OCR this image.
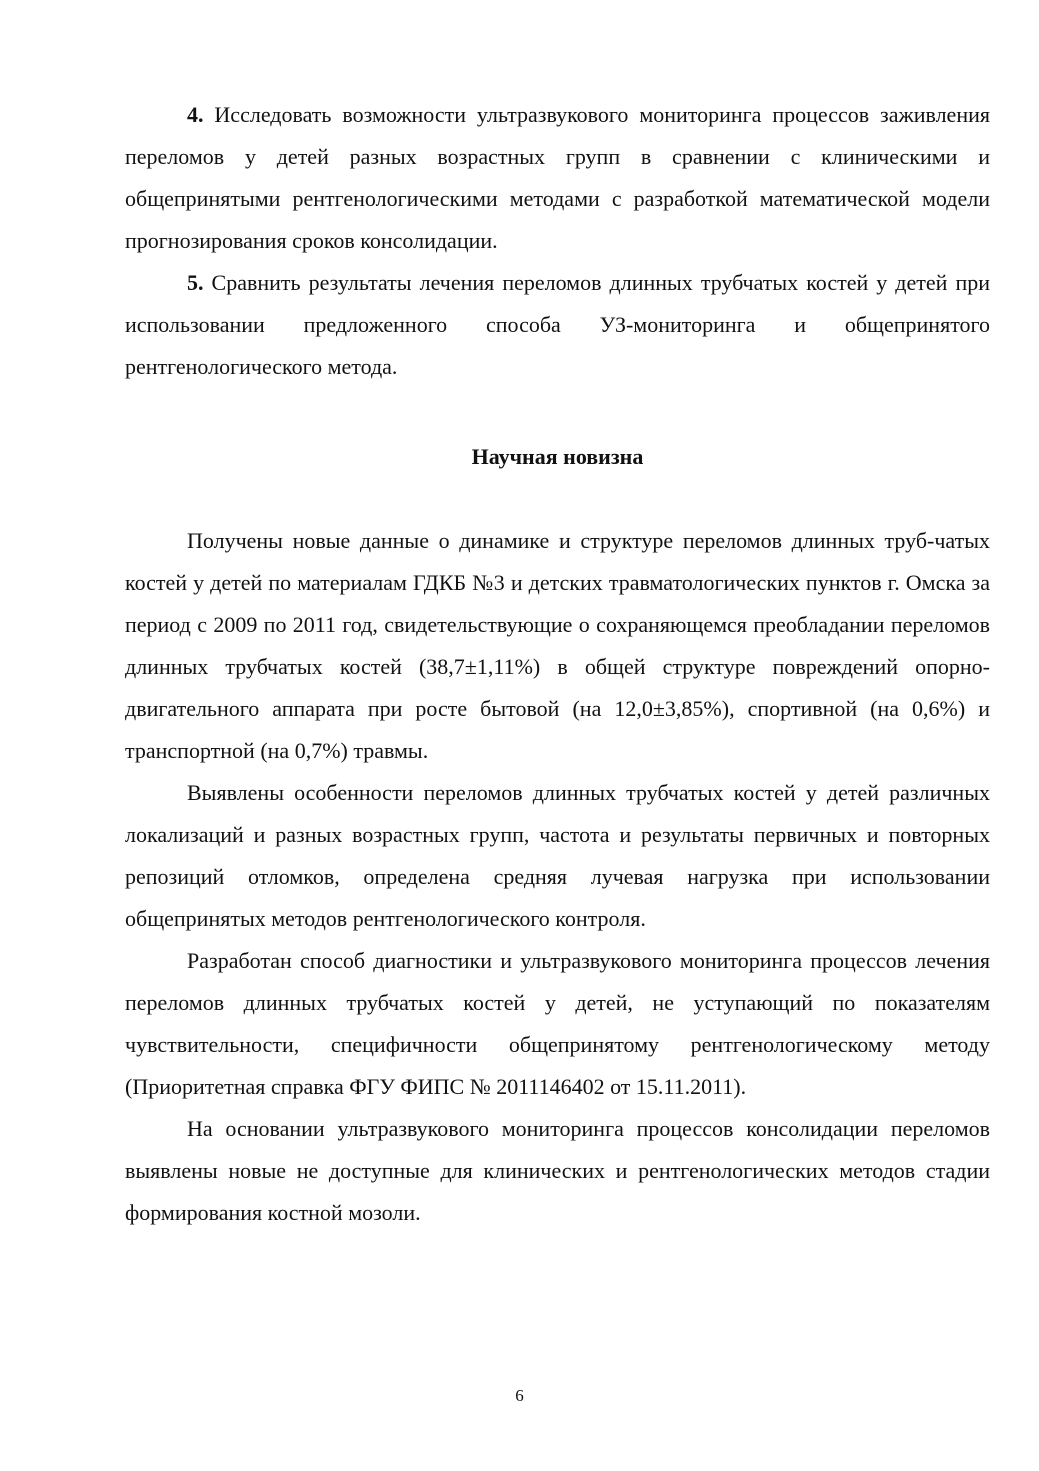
4. Исследовать возможности ультразвукового мониторинга процессов заживления переломов у детей разных возрастных групп в сравнении с клиническими и общепринятыми рентгенологическими методами с разработкой математической модели прогнозирования сроков консолидации.

5. Сравнить результаты лечения переломов длинных трубчатых костей у детей при использовании предложенного способа УЗ-мониторинга и общепринятого рентгенологического метода.

Научная новизна

Получены новые данные о динамике и структуре переломов длинных труб-чатых костей у детей по материалам ГДКБ №3 и детских травматологических пунктов г. Омска за период с 2009 по 2011 год, свидетельствующие о сохраняющемся преобладании переломов длинных трубчатых костей (38,7±1,11%) в общей структуре повреждений опорно-двигательного аппарата при росте бытовой (на 12,0±3,85%), спортивной (на 0,6%) и транспортной (на 0,7%) травмы.

Выявлены особенности переломов длинных трубчатых костей у детей различных локализаций и разных возрастных групп, частота и результаты первичных и повторных репозиций отломков, определена средняя лучевая нагрузка при использовании общепринятых методов рентгенологического контроля.

Разработан способ диагностики и ультразвукового мониторинга процессов лечения переломов длинных трубчатых костей у детей, не уступающий по показателям чувствительности, специфичности общепринятому рентгенологическому методу (Приоритетная справка ФГУ ФИПС № 2011146402 от 15.11.2011).

На основании ультразвукового мониторинга процессов консолидации переломов выявлены новые не доступные для клинических и рентгенологических методов стадии формирования костной мозоли.

6
